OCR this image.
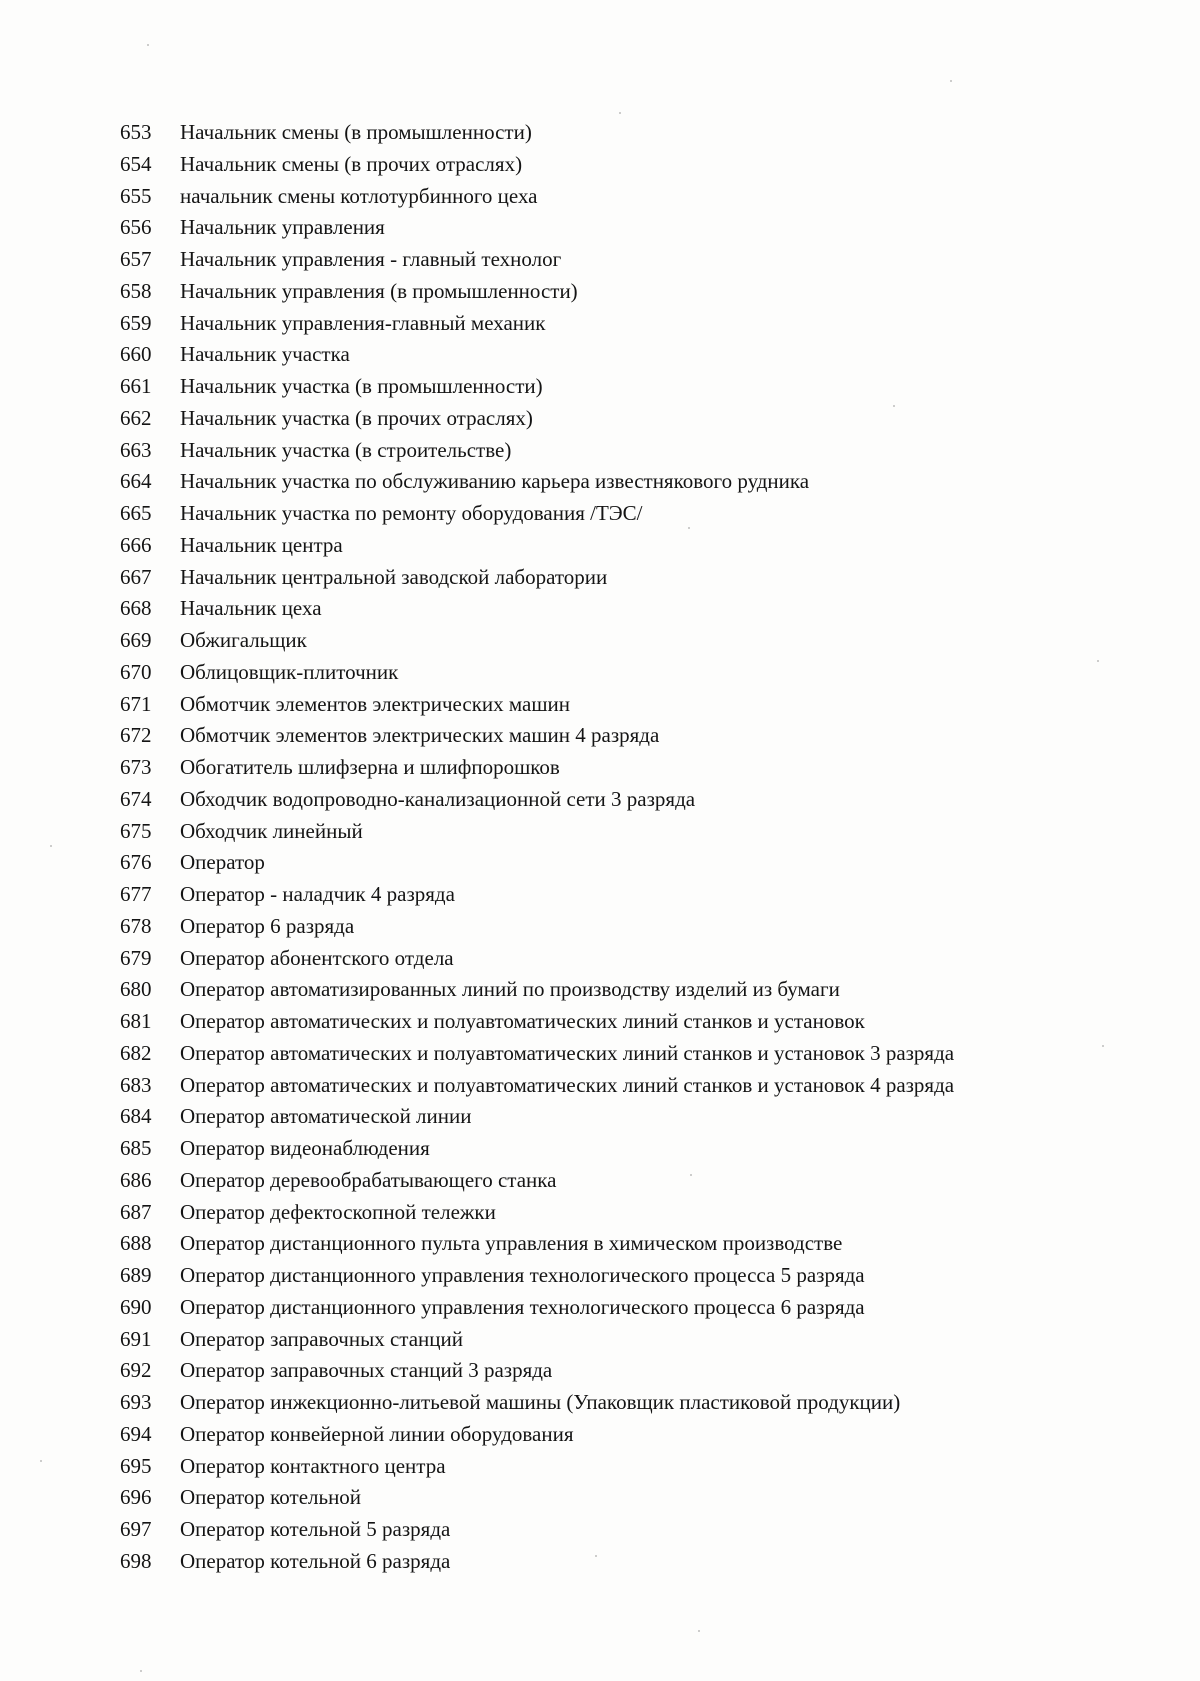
653	Начальник смены (в промышленности)
654	Начальник смены (в прочих отраслях)
655	начальник смены котлотурбинного цеха
656	Начальник управления
657	Начальник управления - главный технолог
658	Начальник управления (в промышленности)
659	Начальник управления-главный механик
660	Начальник участка
661	Начальник участка (в промышленности)
662	Начальник участка (в прочих отраслях)
663	Начальник участка (в строительстве)
664	Начальник участка по обслуживанию карьера известнякового рудника
665	Начальник участка по ремонту оборудования /ТЭС/
666	Начальник центра
667	Начальник центральной заводской лаборатории
668	Начальник цеха
669	Обжигальщик
670	Облицовщик-плиточник
671	Обмотчик элементов электрических машин
672	Обмотчик элементов электрических машин 4 разряда
673	Обогатитель шлифзерна и шлифпорошков
674	Обходчик водопроводно-канализационной сети 3 разряда
675	Обходчик линейный
676	Оператор
677	Оператор - наладчик 4 разряда
678	Оператор 6 разряда
679	Оператор абонентского отдела
680	Оператор автоматизированных линий по производству изделий из бумаги
681	Оператор автоматических и полуавтоматических линий станков и установок
682	Оператор автоматических и полуавтоматических линий станков и установок 3 разряда
683	Оператор автоматических и полуавтоматических линий станков и установок 4 разряда
684	Оператор автоматической линии
685	Оператор видеонаблюдения
686	Оператор деревообрабатывающего станка
687	Оператор дефектоскопной тележки
688	Оператор дистанционного пульта управления в химическом производстве
689	Оператор дистанционного управления технологического процесса 5 разряда
690	Оператор дистанционного управления технологического процесса 6 разряда
691	Оператор заправочных станций
692	Оператор заправочных станций 3 разряда
693	Оператор инжекционно-литьевой машины (Упаковщик пластиковой продукции)
694	Оператор конвейерной линии оборудования
695	Оператор контактного центра
696	Оператор котельной
697	Оператор котельной 5 разряда
698	Оператор котельной 6 разряда
